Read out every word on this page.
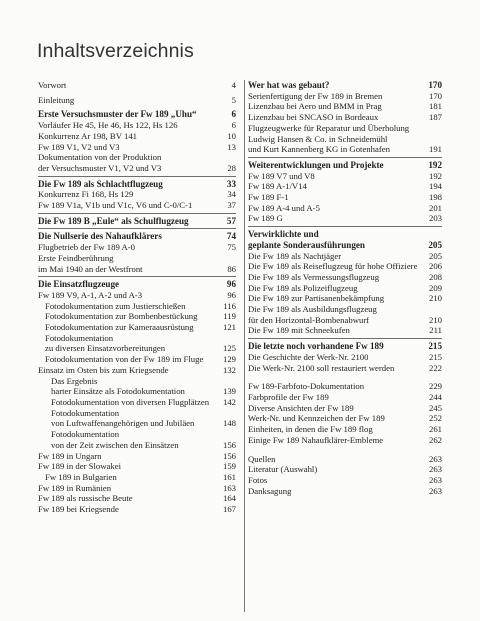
Inhaltsverzeichnis
Vorwort	4
Einleitung	5
Erste Versuchsmuster der Fw 189 „Uhu“	6
Vorläufer He 45, He 46, Hs 122, Hs 126	6
Konkurrenz Ar 198, BV 141	10
Fw 189 V1, V2 und V3	13
Dokumentation von der Produktion
der Versuchsmuster V1, V2 und V3	28
Die Fw 189 als Schlachtflugzeug	33
Konkurrenz Fi 168, Hs 129	34
Fw 189 V1a, V1b und V1c, V6 und C-0/C-1	37
Die Fw 189 B „Eule“ als Schulflugzeug	57
Die Nullserie des Nahaufklärers	74
Flugbetrieb der Fw 189 A-0	75
Erste Feindberührung
im Mai 1940 an der Westfront	86
Die Einsatzflugzeuge	96
Fw 189 V9, A-1, A-2 und A-3	96
Fotodokumentation zum Justierschießen	116
Fotodokumentation zur Bombenbestückung	119
Fotodokumentation zur Kameraausrüstung	121
Fotodokumentation
zu diversen Einsatzvorbereitungen	125
Fotodokumentation von der Fw 189 im Fluge	129
Einsatz im Osten bis zum Kriegsende	132
Das Ergebnis
harter Einsätze als Fotodokumentation	139
Fotodokumentation von diversen Flugplätzen	142
Fotodokumentation
von Luftwaffenangehörigen und Jubiläen	148
Fotodokumentation
von der Zeit zwischen den Einsätzen	156
Fw 189 in Ungarn	156
Fw 189 in der Slowakei	159
Fw 189 in Bulgarien	161
Fw 189 in Rumänien	163
Fw 189 als russische Beute	164
Fw 189 bei Kriegsende	167
Wer hat was gebaut?	170
Serienfertigung der Fw 189 in Bremen	170
Lizenzbau bei Aero und BMM in Prag	181
Lizenzbau bei SNCASO in Bordeaux	187
Flugzeugwerke für Reparatur und Überholung
Ludwig Hansen & Co. in Schneidemühl
und Kurt Kannenberg KG in Gotenhafen	191
Weiterentwicklungen und Projekte	192
Fw 189 V7 und V8	192
Fw 189 A-1/V14	194
Fw 189 F-1	198
Fw 189 A-4 und A-5	201
Fw 189 G	203
Verwirklichte und
geplante Sonderausführungen	205
Die Fw 189 als Nachtjäger	205
Die Fw 189 als Reiseflugzeug für hohe Offiziere	206
Die Fw 189 als Vermessungsflugzeug	208
Die Fw 189 als Polizeiflugzeug	209
Die Fw 189 zur Partisanenbekämpfung	210
Die Fw 189 als Ausbildungsflugzeug
für den Horizontal-Bombenabwurf	210
Die Fw 189 mit Schneekufen	211
Die letzte noch vorhandene Fw 189	215
Die Geschichte der Werk-Nr. 2100	215
Die Werk-Nr. 2100 soll restauriert werden	222
Fw 189-Farbfoto-Dokumentation	229
Farbprofile der Fw 189	244
Diverse Ansichten der Fw 189	245
Werk-Nr. und Kennzeichen der Fw 189	252
Einheiten, in denen die Fw 189 flog	261
Einige Fw 189 Nahaufklärer-Embleme	262
Quellen	263
Literatur (Auswahl)	263
Fotos	263
Danksagung	263
